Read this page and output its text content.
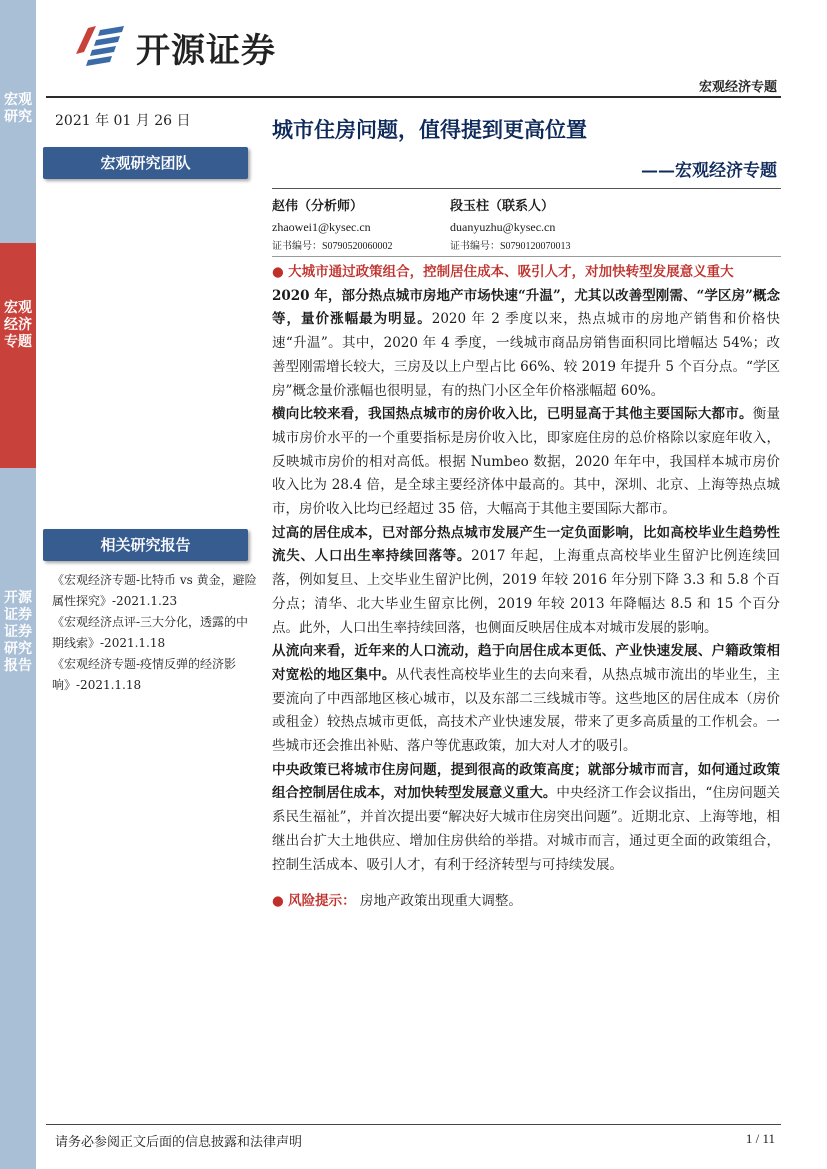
宏观研究
宏观经济专题
开源证券 证券研究报告
开源证券
宏观经济专题
2021 年 01 月 26 日
宏观研究团队
城市住房问题，值得提到更高位置
——宏观经济专题
赵伟（分析师）
zhaowei1@kysec.cn
证书编号：S0790520060002
段玉柱（联系人）
duanyuzhu@kysec.cn
证书编号：S0790120070013

● 大城市通过政策组合，控制居住成本、吸引人才，对加快转型发展意义重大

2020 年，部分热点城市房地产市场快速“升温”，尤其以改善型刚需、“学区房”概念等，量价涨幅最为明显。2020 年 2 季度以来，热点城市的房地产销售和价格快速“升温”。其中，2020 年 4 季度，一线城市商品房销售面积同比增幅达 54%；改善型刚需增长较大，三房及以上户型占比 66%、较 2019 年提升 5 个百分点。“学区房”概念量价涨幅也很明显，有的热门小区全年价格涨幅超 60%。

横向比较来看，我国热点城市的房价收入比，已明显高于其他主要国际大都市。衡量城市房价水平的一个重要指标是房价收入比，即家庭住房的总价格除以家庭年收入，反映城市房价的相对高低。根据 Numbeo 数据，2020 年年中，我国样本城市房价收入比为 28.4 倍，是全球主要经济体中最高的。其中，深圳、北京、上海等热点城市，房价收入比均已经超过 35 倍，大幅高于其他主要国际大都市。

过高的居住成本，已对部分热点城市发展产生一定负面影响，比如高校毕业生趋势性流失、人口出生率持续回落等。2017 年起，上海重点高校毕业生留沪比例连续回落，例如复旦、上交毕业生留沪比例，2019 年较 2016 年分别下降 3.3 和 5.8 个百分点；清华、北大毕业生留京比例，2019 年较 2013 年降幅达 8.5 和 15 个百分点。此外，人口出生率持续回落，也侧面反映居住成本对城市发展的影响。

从流向来看，近年来的人口流动，趋于向居住成本更低、产业快速发展、户籍政策相对宽松的地区集中。从代表性高校毕业生的去向来看，从热点城市流出的毕业生，主要流向了中西部地区核心城市，以及东部二三线城市等。这些地区的居住成本（房价或租金）较热点城市更低，高技术产业快速发展，带来了更多高质量的工作机会。一些城市还会推出补贴、落户等优惠政策，加大对人才的吸引。

中央政策已将城市住房问题，提到很高的政策高度；就部分城市而言，如何通过政策组合控制居住成本，对加快转型发展意义重大。中央经济工作会议指出，“住房问题关系民生福祉”，并首次提出要“解决好大城市住房突出问题”。近期北京、上海等地，相继出台扩大土地供应、增加住房供给的举措。对城市而言，通过更全面的政策组合，控制生活成本、吸引人才，有利于经济转型与可持续发展。

● 风险提示： 房地产政策出现重大调整。
相关研究报告
《宏观经济专题-比特币 vs 黄金，避险属性探究》-2021.1.23
《宏观经济点评-三大分化，透露的中期线索》-2021.1.18
《宏观经济专题-疫情反弹的经济影响》-2021.1.18
请务必参阅正文后面的信息披露和法律声明	1 / 11
